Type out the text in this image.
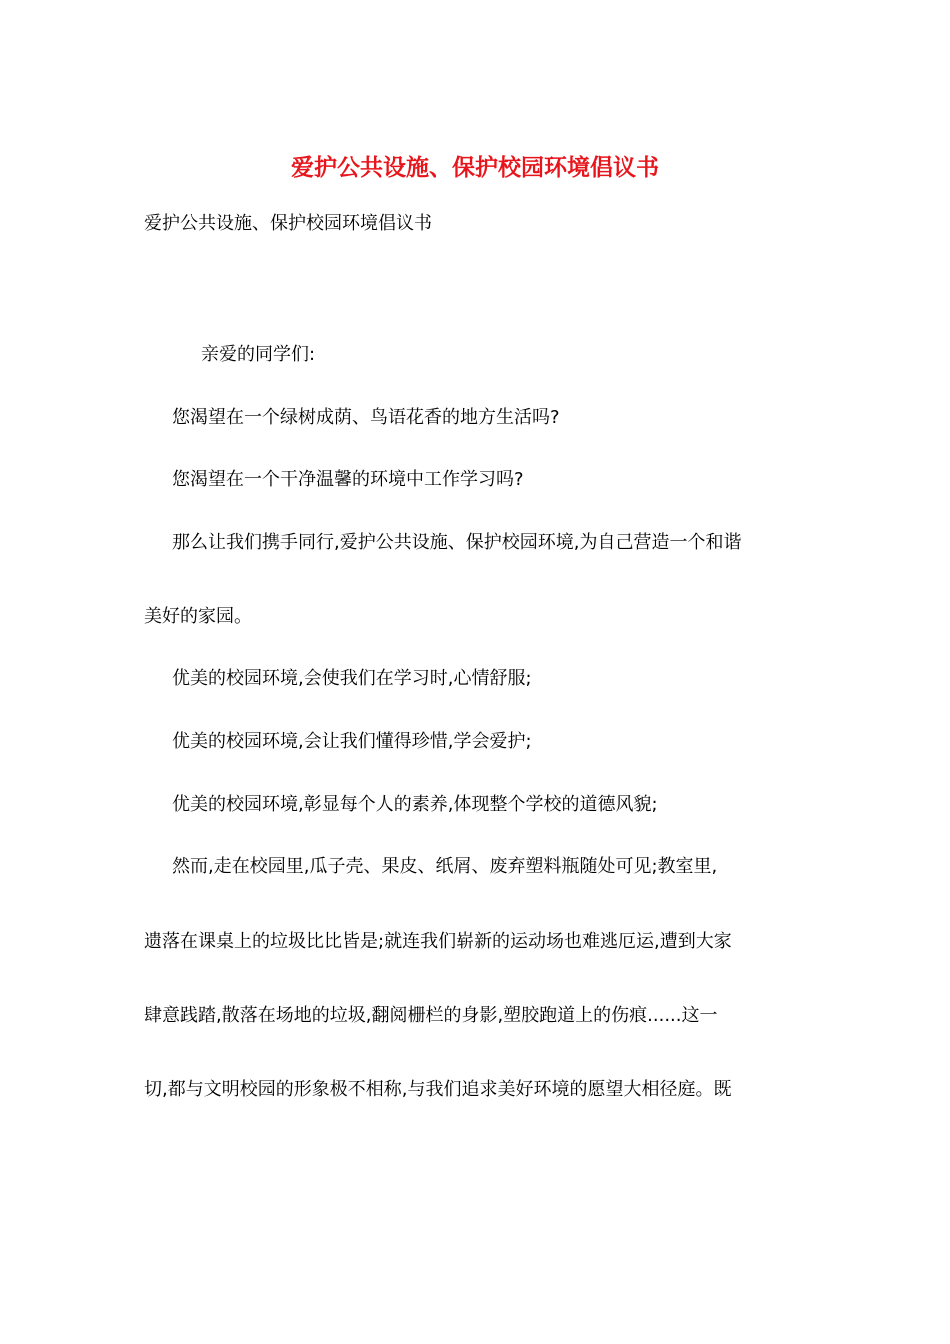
爱护公共设施、保护校园环境倡议书
爱护公共设施、保护校园环境倡议书
亲爱的同学们:
您渴望在一个绿树成荫、鸟语花香的地方生活吗?
您渴望在一个干净温馨的环境中工作学习吗?
那么让我们携手同行,爱护公共设施、保护校园环境,为自己营造一个和谐
美好的家园。
优美的校园环境,会使我们在学习时,心情舒服;
优美的校园环境,会让我们懂得珍惜,学会爱护;
优美的校园环境,彰显每个人的素养,体现整个学校的道德风貌;
然而,走在校园里,瓜子壳、果皮、纸屑、废弃塑料瓶随处可见;教室里,
遗落在课桌上的垃圾比比皆是;就连我们崭新的运动场也难逃厄运,遭到大家
肆意践踏,散落在场地的垃圾,翻阅栅栏的身影,塑胶跑道上的伤痕......这一
切,都与文明校园的形象极不相称,与我们追求美好环境的愿望大相径庭。既
